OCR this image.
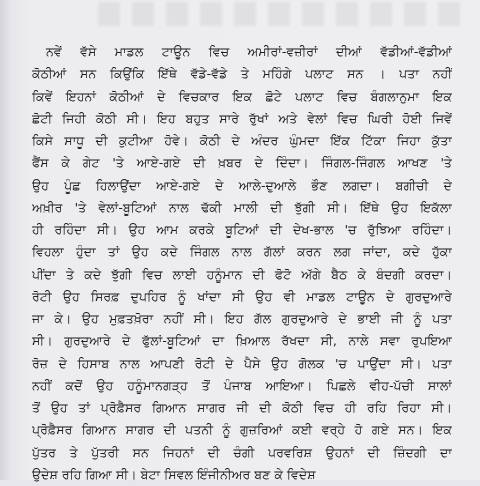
ਨਵੇਂ ਵੱਸੇ ਮਾਡਲ ਟਾਊਨ ਵਿਚ ਅਮੀਰਾਂ-ਵਜ਼ੀਰਾਂ ਦੀਆਂ ਵੱਡੀਆਂ-ਵੱਡੀਆਂ
ਕੋਠੀਆਂ ਸਨ ਕਿਉਂਕਿ ਇੱਥੇ ਵੱਡੇ-ਵੱਡੇ ਤੇ ਮਹਿੰਗੇ ਪਲਾਟ ਸਨ । ਪਤਾ ਨਹੀਂ
ਕਿਵੇਂ ਇਹਨਾਂ ਕੋਠੀਆਂ ਦੇ ਵਿਚਕਾਰ ਇਕ ਛੋਟੇ ਪਲਾਟ ਵਿਚ ਬੰਗਲਾਨੁਮਾ ਇਕ
ਛੋਟੀ ਜਿਹੀ ਕੋਠੀ ਸੀ। ਇਹ ਬਹੁਤ ਸਾਰੇ ਰੁੱਖਾਂ ਅਤੇ ਵੇਲਾਂ ਵਿਚ ਘਿਰੀ ਹੋਈ ਜਿਵੇਂ
ਕਿਸੇ ਸਾਧੂ ਦੀ ਕੁਟੀਆ ਹੋਵੇ। ਕੋਠੀ ਦੇ ਅੰਦਰ ਘੁੰਮਦਾ ਇੱਕ ਟਿੱਕਾ ਜਿਹਾ ਕੁੱਤਾ
ਫੈਂਸ ਕੇ ਗੇਟ 'ਤੇ ਆਏ-ਗਏ ਦੀ ਖ਼ਬਰ ਦੇ ਦਿੰਦਾ। ਜਿੰਗਲ-ਜਿੰਗਲ ਆਖਣ 'ਤੇ
ਉਹ ਪੂੰਛ ਹਿਲਾਉਂਦਾ ਆਏ-ਗਏ ਦੇ ਆਲੇ-ਦੁਆਲੇ ਭੌਣ ਲਗਦਾ। ਬਗੀਚੀ ਦੇ
ਅਖ਼ੀਰ 'ਤੇ ਵੇਲਾਂ-ਬੂਟਿਆਂ ਨਾਲ ਢੱਕੀ ਮਾਲੀ ਦੀ ਝੁੱਗੀ ਸੀ। ਇੱਥੇ ਉਹ ਇਕੱਲਾ
ਹੀ ਰਹਿੰਦਾ ਸੀ। ਉਹ ਆਮ ਕਰਕੇ ਬੂਟਿਆਂ ਦੀ ਦੇਖ-ਭਾਲ 'ਚ ਰੁੱਝਿਆ ਰਹਿੰਦਾ।
ਵਿਹਲਾ ਹੁੰਦਾ ਤਾਂ ਉਹ ਕਦੇ ਜਿੰਗਲ ਨਾਲ ਗੱਲਾਂ ਕਰਨ ਲਗ ਜਾਂਦਾ, ਕਦੇ ਹੁੱਕਾ
ਪੀਂਦਾ ਤੇ ਕਦੇ ਝੁੱਗੀ ਵਿਚ ਲਾਈ ਹਨੂੰਮਾਨ ਦੀ ਫੋਟੋ ਅੱਗੇ ਬੈਠ ਕੇ ਬੰਦਗੀ ਕਰਦਾ।
ਰੋਟੀ ਉਹ ਸਿਰਫ਼ ਦੁਪਹਿਰ ਨੂੰ ਖਾਂਦਾ ਸੀ ਉਹ ਵੀ ਮਾਡਲ ਟਾਊਨ ਦੇ ਗੁਰਦੁਆਰੇ
ਜਾ ਕੇ। ਉਹ ਮੁਫ਼ਤਖ਼ੋਰਾ ਨਹੀਂ ਸੀ। ਇਹ ਗੱਲ ਗੁਰਦੁਆਰੇ ਦੇ ਭਾਈ ਜੀ ਨੂੰ ਪਤਾ
ਸੀ। ਗੁਰਦੁਆਰੇ ਦੇ ਫੁੱਲਾਂ-ਬੂਟਿਆਂ ਦਾ ਖ਼ਿਆਲ ਰੱਖਦਾ ਸੀ, ਨਾਲੇ ਸਵਾ ਰੁਪਇਆ
ਰੋਜ਼ ਦੇ ਹਿਸਾਬ ਨਾਲ ਆਪਣੀ ਰੋਟੀ ਦੇ ਪੈਸੇ ਉਹ ਗੋਲਕ 'ਚ ਪਾਉਂਦਾ ਸੀ। ਪਤਾ
ਨਹੀਂ ਕਦੋਂ ਉਹ ਹਨੂੰਮਾਨਗੜ੍ਹ ਤੋਂ ਪੰਜਾਬ ਆਇਆ। ਪਿਛਲੇ ਵੀਹ-ਪੱਚੀ ਸਾਲਾਂ
ਤੋਂ ਉਹ ਤਾਂ ਪ੍ਰੋਫ਼ੈਸਰ ਗਿਆਨ ਸਾਗਰ ਜੀ ਦੀ ਕੋਠੀ ਵਿਚ ਹੀ ਰਹਿ ਰਿਹਾ ਸੀ।
ਪ੍ਰੋਫ਼ੈਸਰ ਗਿਆਨ ਸਾਗਰ ਦੀ ਪਤਨੀ ਨੂੰ ਗੁਜ਼ਰਿਆਂ ਕਈ ਵਰ੍ਹੇ ਹੋ ਗਏ ਸਨ। ਇਕ
ਪੁੱਤਰ ਤੇ ਪੁੱਤਰੀ ਸਨ ਜਿਹਨਾਂ ਦੀ ਚੰਗੀ ਪਰਵਰਿਸ਼ ਉਹਨਾਂ ਦੀ ਜ਼ਿੰਦਗੀ ਦਾ
ਉਦੇਸ਼ ਰਹਿ ਗਿਆ ਸੀ। ਬੇਟਾ ਸਿਵਲ ਇੰਜੀਨੀਅਰ ਬਣ ਕੇ ਵਿਦੇਸ਼
